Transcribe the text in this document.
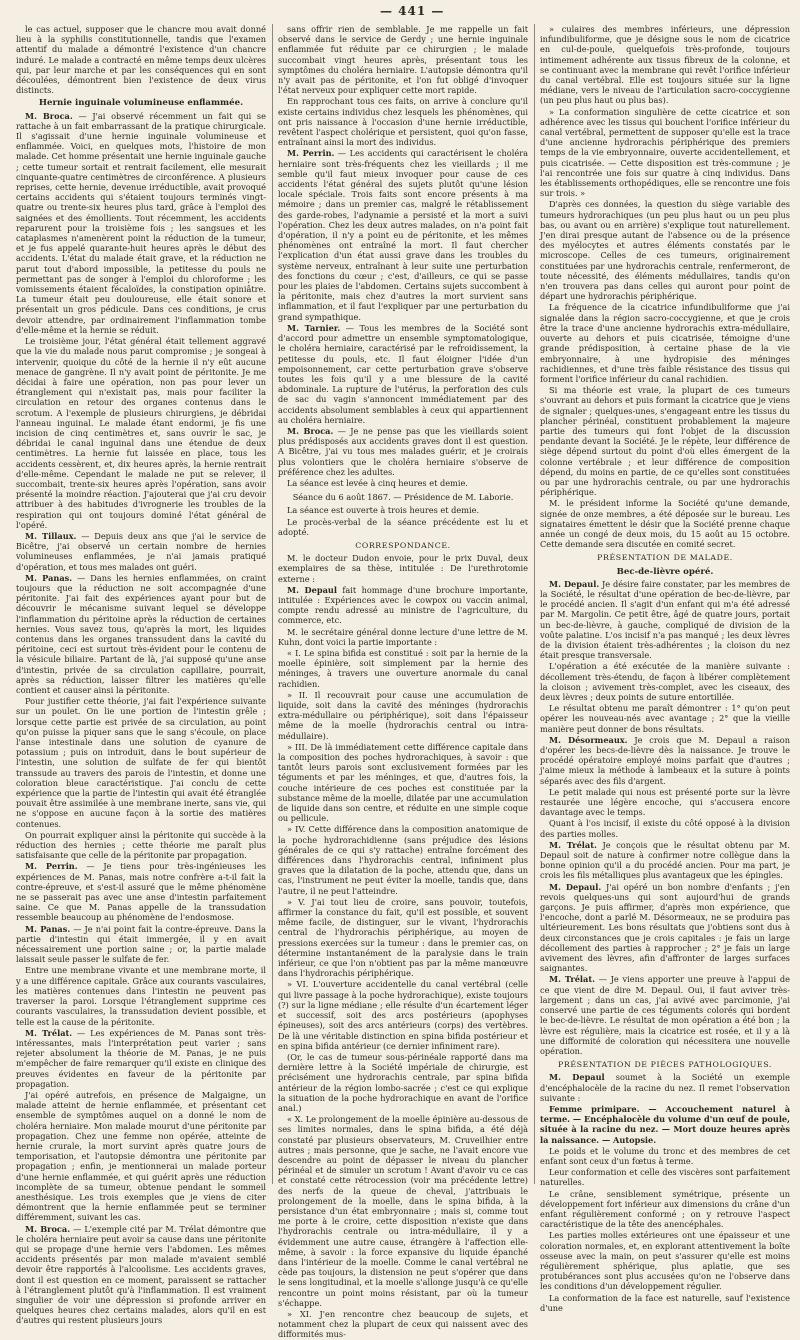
— 441 —

le cas actuel, supposer que le chancre mou avait donné lieu à la syphilis constitutionnelle, tandis que l'examen attentif du malade a démontré l'existence d'un chancre induré. Le malade a contracté en même temps deux ulcères qui, par leur marche et par les conséquences qui en sont découlées, démontrent bien l'existence de deux virus distincts.

Hernie inguinale volumineuse enflammée.

M. Broca. — J'ai observé récemment un fait qui se rattache à un fait embarrassant de la pratique chirurgicale. Il s'agissait d'une hernie inguinale volumineuse et enflammée. Voici, en quelques mots, l'histoire de mon malade. Cet homme présentait une hernie inguinale gauche ; cette tumeur sortait et rentrait facilement, elle mesurait cinquante-quatre centimètres de circonférence. A plusieurs reprises, cette hernie, devenue irréductible, avait provoqué certains accidents qui s'étaient toujours terminés vingt-quatre ou trente-six heures plus tard, grâce à l'emploi des saignées et des émollients. Tout récemment, les accidents reparurent pour la troisième fois ; les sangsues et les cataplasmes n'amenèrent point la réduction de la tumeur, et je fus appelé quarante-huit heures après le début des accidents. L'état du malade était grave, et la réduction ne parut tout d'abord impossible, la petitesse du pouls ne permettant pas de songer à l'emploi du chloroforme ; les vomissements étaient fécaloïdes, la constipation opiniâtre. La tumeur était peu douloureuse, elle était sonore et présentait un gros pédicule. Dans ces conditions, je crus devoir attendre, par ordinairement l'inflammation tombe d'elle-même et la hernie se réduit.

Le troisième jour, l'état général était tellement aggravé que la vie du malade nous parut compromise ; je songeai à intervenir, quoique du côté de la hernie il n'y eût aucune menace de gangrène. Il n'y avait point de péritonite. Je me décidai à faire une opération, non pas pour lever un étranglement qui n'existait pas, mais pour faciliter la circulation en retour des organes contenus dans le scrotum. A l'exemple de plusieurs chirurgiens, je débridai l'anneau inguinal. Le malade étant endormi, je fis une incision de cinq centimètres et, sans ouvrir le sac, je débridai le canal inguinal dans une étendue de deux centimètres. La hernie fut laissée en place, tous les accidents cessèrent, et, dix heures après, la hernie rentrait d'elle-même. Cependant le malade ne put se relever, il succombait, trente-six heures après l'opération, sans avoir présenté la moindre réaction. J'ajouterai que j'ai cru devoir attribuer à des habitudes d'ivrognerie les troubles de la respiration qui ont toujours dominé l'état général de l'opéré.

M. Tillaux. — Depuis deux ans que j'ai le service de Bicêtre, j'ai observé un certain nombre de hernies volumineuses enflammées, je n'ai jamais pratiqué d'opération, et tous mes malades ont guéri.

M. Panas. — Dans les hernies enflammées, on craint toujours que la réduction ne soit accompagnée d'une péritonite. J'ai fait des expériences ayant pour but de découvrir le mécanisme suivant lequel se développe l'inflammation du péritoine après la réduction de certaines hernies. Vous savez tous, qu'après la mort, les liquides contenus dans les organes transsudent dans la cavité du péritoine, ceci est surtout très-évident pour le contenu de la vésicule biliaire. Partant de là, j'ai supposé qu'une anse d'intestin, privée de sa circulation capillaire, pourrait, après sa réduction, laisser filtrer les matières qu'elle contient et causer ainsi la péritonite.

Pour justifier cette théorie, j'ai fait l'expérience suivante sur un poulet. On lie une portion de l'intestin grêle ; lorsque cette partie est privée de sa circulation, au point qu'on puisse la piquer sans que le sang s'écoule, on place l'anse intestinale dans une solution de cyanure de potassium ; puis on introduit, dans le bout supérieur de l'intestin, une solution de sulfate de fer qui bientôt transsude au travers des parois de l'intestin, et donne une coloration bleue caractéristique. J'ai conclu de cette expérience que la partie de l'intestin qui avait été étranglée pouvait être assimilée à une membrane inerte, sans vie, qui ne s'oppose en aucune façon à la sortie des matières contenues.

On pourrait expliquer ainsi la péritonite qui succède à la réduction des hernies ; cette théorie me paraît plus satisfaisante que celle de la péritonite par propagation.

M. Perrin. — Je tiens pour très-ingénieuses les expériences de M. Panas, mais notre confrère a-t-il fait la contre-épreuve, et s'est-il assuré que le même phénomène ne se passerait pas avec une anse d'intestin parfaitement saine. Ce que M. Panas appelle de la transsudation ressemble beaucoup au phénomène de l'endosmose.

M. Panas. — Je n'ai point fait la contre-épreuve. Dans la partie d'intestin qui était immergée, il y en avait nécessairement une portion saine ; or, la partie malade laissait seule passer le sulfate de fer.

Entre une membrane vivante et une membrane morte, il y a une différence capitale. Grâce aux courants vasculaires, les matières contenues dans l'intestin ne peuvent pas traverser la paroi. Lorsque l'étranglement supprime ces courants vasculaires, la transsudation devient possible, et telle est la cause de la péritonite.

M. Trélat. — Les expériences de M. Panas sont très-intéressantes, mais l'interprétation peut varier ; sans rejeter absolument la théorie de M. Panas, je ne puis m'empêcher de faire remarquer qu'il existe en clinique des preuves évidentes en faveur de la péritonite par propagation.

J'ai opéré autrefois, en présence de Malgaigne, un malade atteint de hernie enflammée, et présentant cet ensemble de symptômes auquel on a donné le nom de choléra herniaire. Mon malade mourut d'une péritonite par propagation. Chez une femme non opérée, atteinte de hernie crurale, la mort survint après quatre jours de temporisation, et l'autopsie démontra une péritonite par propagation ; enfin, je mentionnerai un malade porteur d'une hernie enflammée, et qui guérit après une réduction incomplète de sa tumeur, obtenue pendant le sommeil anesthésique. Les trois exemples que je viens de citer démontrent que la hernie enflammée peut se terminer différemment, suivant les cas.

M. Broca. — L'exemple cité par M. Trélat démontre que le choléra herniaire peut avoir sa cause dans une péritonite qui se propage d'une hernie vers l'abdomen. Les mêmes accidents présentés par mon malade m'avaient semblé devoir être rapportés à l'alcoolisme. Les accidents graves, dont il est question en ce moment, paraissent se rattacher à l'étranglement plutôt qu'à l'inflammation. Il est vraiment singulier de voir une dépression si profonde arriver en quelques heures chez certains malades, alors qu'il en est d'autres qui restent plusieurs jours

sans offrir rien de semblable. Je me rappelle un fait observé dans le service de Gerdy ; une hernie inguinale enflammée fut réduite par ce chirurgien ; le malade succombait vingt heures après, présentant tous les symptômes du choléra herniaire. L'autopsie démontra qu'il n'y avait pas de péritonite, et l'on fut obligé d'invoquer l'état nerveux pour expliquer cette mort rapide.

En rapprochant tous ces faits, on arrive à conclure qu'il existe certains individus chez lesquels les phénomènes, qui ont pris naissance à l'occasion d'une hernie irréductible, revêtent l'aspect cholérique et persistent, quoi qu'on fasse, entraînant ainsi la mort des individus.

M. Perrin. — Les accidents qui caractérisent le choléra herniaire sont très-fréquents chez les vieillards ; il me semble qu'il faut mieux invoquer pour cause de ces accidents l'état général des sujets plutôt qu'une lésion locale spéciale. Trois faits sont encore présents à ma mémoire ; dans un premier cas, malgré le rétablissement des garde-robes, l'adynamie a persisté et la mort a suivi l'opération. Chez les deux autres malades, on n'a point fait d'opération, il n'y a point eu de péritonite, et les mêmes phénomènes ont entraîné la mort. Il faut chercher l'explication d'un état aussi grave dans les troubles du système nerveux, entraînant à leur suite une perturbation des fonctions du cœur ; c'est, d'ailleurs, ce qui se passe pour les plaies de l'abdomen. Certains sujets succombent à la péritonite, mais chez d'autres la mort survient sans inflammation, et il faut l'expliquer par une perturbation du grand sympathique.

M. Tarnier. — Tous les membres de la Société sont d'accord pour admettre un ensemble symptomatologique, le choléra herniaire, caractérisé par le refroidissement, la petitesse du pouls, etc. Il faut éloigner l'idée d'un empoisonnement, car cette perturbation grave s'observe toutes les fois qu'il y a une blessure de la cavité abdominale. La rupture de l'utérus, la perforation des culs de sac du vagin s'annoncent immédiatement par des accidents absolument semblables à ceux qui appartiennent au choléra herniaire.

M. Broca. — Je ne pense pas que les vieillards soient plus prédisposés aux accidents graves dont il est question. A Bicêtre, j'ai vu tous mes malades guérir, et je croirais plus volontiers que le choléra herniaire s'observe de préférence chez les adultes.

La séance est levée à cinq heures et demie.

Séance du 6 août 1867. — Présidence de M. Laborie.

La séance est ouverte à trois heures et demie.

Le procès-verbal de la séance précédente est lu et adopté.

CORRESPONDANCE.

M. le docteur Dudon envoie, pour le prix Duval, deux exemplaires de sa thèse, intitulée : De l'urethrotomie externe :

M. Depaul fait hommage d'une brochure importante, intitulée : Expériences avec le cowpox ou vaccin animal, compte rendu adressé au ministre de l'agriculture, du commerce, etc.

M. le secrétaire général donne lecture d'une lettre de M. Kuhn, dont voici la partie importante :

« I. Le spina bifida est constitué : soit par la hernie de la moelle épinière, soit simplement par la hernie des méninges, à travers une ouverture anormale du canal rachidien.

» II. Il recouvrait pour cause une accumulation de liquide, soit dans la cavité des méninges (hydrorachis extra-médullaire ou périphérique), soit dans l'épaisseur même de la moelle (hydrorachis central ou intra-médullaire).

» III. De là immédiatement cette différence capitale dans la composition des poches hydrorachiques, à savoir : que tantôt leurs parois sont exclusivement formées par les téguments et par les méninges, et que, d'autres fois, la couche intérieure de ces poches est constituée par la substance même de la moelle, dilatée par une accumulation de liquide dans son centre, et réduite en une simple coque ou pellicule.

» IV. Cette différence dans la composition anatomique de la poche hydrorachidienne (sans préjudice des lésions générales de ce qui s'y rattache) entraîne forcément des différences dans l'hydrorachis central, infiniment plus graves que la dilatation de la poche, attendu que, dans un cas, l'instrument ne peut éviter la moelle, tandis que, dans l'autre, il ne peut l'atteindre.

» V. J'ai tout lieu de croire, sans pouvoir, toutefois, affirmer la constance du fait, qu'il est possible, et souvent même facile, de distinguer, sur le vivant, l'hydrorachis central de l'hydrorachis périphérique, au moyen de pressions exercées sur la tumeur : dans le premier cas, on détermine instantanément de la paralysie dans le train inférieur, ce que l'on n'obtient pas par la même manœuvre dans l'hydrorachis périphérique.

» VI. L'ouverture accidentelle du canal vertébral (celle qui livre passage à la poche hydrorachique), existe toujours (?) sur la ligne médiane ; elle résulte d'un écartement léger et successif, soit des arcs postérieurs (apophyses épineuses), soit des arcs antérieurs (corps) des vertèbres. De là une véritable distinction en spina bifida postérieur et en spina bifida antérieur (ce dernier infiniment rare).

(Or, le cas de tumeur sous-périnéale rapporté dans ma dernière lettre à la Société impériale de chirurgie, est précisément une hydrorachis centrale, par spina bifida antérieur de la région lombo-sacrée ; c'est ce qui explique la situation de la poche hydrorachique en avant de l'orifice anal.)

« X. Le prolongement de la moelle épinière au-dessous de ses limites normales, dans le spina bifida, a été déjà constaté par plusieurs observateurs, M. Cruveilhier entre autres ; mais personne, que je sache, ne l'avait encore vue descendre au point de dépasser le niveau du plancher périnéal et de simuler un scrotum ! Avant d'avoir vu ce cas et constaté cette rétrocession (voir ma précédente lettre) des nerfs de la queue de cheval, j'attribuais le prolongement de la moelle, dans le spina bifida, à la persistance d'un état embryonnaire ; mais si, comme tout me porte à le croire, cette disposition n'existe que dans l'hydrorachis centrale ou intra-médullaire, il y a évidemment une autre cause, étrangère à l'affection elle-même, à savoir : la force expansive du liquide épanché dans l'intérieur de la moelle. Comme le canal vertébral ne cède pas toujours, la distension ne peut s'opérer que dans le sens longitudinal, et la moelle s'allonge jusqu'à ce qu'elle rencontre un point moins résistant, par où la tumeur s'échappe.

» XI. J'en rencontre chez beaucoup de sujets, et notamment chez la plupart de ceux qui naissent avec des difformités mus-

» culaires des membres inférieurs, une dépression infundibuliforme, que je désigne sous le nom de cicatrice en cul-de-poule, quelquefois très-profonde, toujours intimement adhérente aux tissus fibreux de la colonne, et se continuant avec la membrane qui revêt l'orifice inférieur du canal vertébral. Elle est toujours située sur la ligne médiane, vers le niveau de l'articulation sacro-coccygienne (un peu plus haut ou plus bas).

» La conformation singulière de cette cicatrice et son adhérence avec les tissus qui bouchent l'orifice inférieur du canal vertébral, permettent de supposer qu'elle est la trace d'une ancienne hydrorachis périphérique des premiers temps de la vie embryonnaire, ouverte accidentellement, et puis cicatrisée. — Cette disposition est très-commune ; je l'ai rencontrée une fois sur quatre à cinq individus. Dans les établissements orthopédiques, elle se rencontre une fois sur trois. »

D'après ces données, la question du siège variable des tumeurs hydrorachiques (un peu plus haut ou un peu plus bas, ou avant ou en arrière) s'explique tout naturellement. J'en dirai presque autant de l'absence ou de la présence des myélocytes et autres éléments constatés par le microscope. Celles de ces tumeurs, originairement constituées par une hydrorachis centrale, renfermeront, de toute nécessité, des éléments médullaires, tandis qu'on n'en trouvera pas dans celles qui auront pour point de départ une hydrorachis périphérique.

La fréquence de la cicatrice infundibuliforme que j'ai signalée dans la région sacro-coccygienne, et que je crois être la trace d'une ancienne hydrorachis extra-médullaire, ouverte au dehors et puis cicatrisée, témoigne d'une grande prédisposition, à certaine phase de la vie embryonnaire, à une hydropisie des méninges rachidiennes, et d'une très faible résistance des tissus qui forment l'orifice inférieur du canal rachidien.

Si ma théorie est vraie, la plupart de ces tumeurs s'ouvrant au dehors et puis formant la cicatrice que je viens de signaler ; quelques-unes, s'engageant entre les tissus du plancher périnéal, constituent probablement la majeure partie des tumeurs qui font l'objet de la discussion pendante devant la Société. Je le répète, leur différence de siège dépend surtout du point d'où elles émergent de la colonne vertébrale ; et leur différence de composition dépend, du moins en partie, de ce qu'elles sont constituées ou par une hydrorachis centrale, ou par une hydrorachis périphérique.

M. le président informe la Société qu'une demande, signée de onze membres, a été déposée sur le bureau. Les signataires émettent le désir que la Société prenne chaque année un congé de deux mois, du 15 août au 15 octobre. Cette demande sera discutée en comité secret.

PRÉSENTATION DE MALADE.
Bec-de-lièvre opéré.

M. Depaul. Je désire faire constater, par les membres de la Société, le résultat d'une opération de bec-de-lièvre, par le procédé ancien. Il s'agit d'un enfant qui m'a été adressé par M. Margolin. Ce petit être, âgé de quatre jours, portait un bec-de-lièvre, à gauche, compliqué de division de la voûte palatine. L'os incisif n'a pas manqué ; les deux lèvres de la division étaient très-adhérentes ; la cloison du nez était presque transversale.

L'opération a été exécutée de la manière suivante : décollement très-étendu, de façon à libérer complètement la cloison ; avivement très-complet, avec les ciseaux, des deux lèvres ; deux points de suture entortillée.

Le résultat obtenu me paraît démontrer : 1° qu'on peut opérer les nouveau-nés avec avantage ; 2° que la vieille manière peut donner de bons résultats.

M. Désormeaux. Je crois que M. Depaul a raison d'opérer les becs-de-lièvre dès la naissance. Je trouve le procédé opératoire employé moins parfait que d'autres ; j'aime mieux la méthode à lambeaux et la suture à points séparés avec des fils d'argent.

Le petit malade qui nous est présenté porte sur la lèvre restaurée une légère encoche, qui s'accusera encore davantage avec le temps.

Quant à l'os incisif, il existe du côté opposé à la division des parties molles.

M. Trélat. Je conçois que le résultat obtenu par M. Depaul soit de nature à confirmer notre collègue dans la bonne opinion qu'il a du procédé ancien. Pour ma part, je crois les fils métalliques plus avantageux que les épingles.

M. Depaul. J'ai opéré un bon nombre d'enfants ; j'en revois quelques-uns qui sont aujourd'hui de grands garçons. Je puis affirmer, d'après mon expérience, que l'encoche, dont a parlé M. Désormeaux, ne se produira pas ultérieurement. Les bons résultats que j'obtiens sont dus à deux circonstances que je crois capitales : je fais un large décollement des parties à rapprocher ; 2° je fais un large avivement des lèvres, afin d'affronter de larges surfaces saignantes.

M. Trélat. — Je viens apporter une preuve à l'appui de ce que vient de dire M. Depaul. Oui, il faut aviver très-largement ; dans un cas, j'ai avivé avec parcimonie, j'ai conservé une partie de ces téguments colorés qui bordent le bec-de-lièvre. Le résultat de mon opération a été bon ; la lèvre est régulière, mais la cicatrice est rosée, et il y a là une difformité de coloration qui nécessitera une nouvelle opération.

PRÉSENTATION DE PIÈCES PATHOLOGIQUES.

M. Depaul soumet à la Société un exemple d'encéphalocèle de la racine du nez. Il remet l'observation suivante :

Femme primipare. — Accouchement naturel à terme. — Encéphalocèle du volume d'un œuf de poule, située à la racine du nez. — Mort douze heures après la naissance. — Autopsie.

Le poids et le volume du tronc et des membres de cet enfant sont ceux d'un fœtus à terme.

Leur conformation et celle des viscères sont parfaitement naturelles.

Le crâne, sensiblement symétrique, présente un développement fort inférieur aux dimensions du crâne d'un enfant régulièrement conformé ; on y retrouve l'aspect caractéristique de la tête des anencéphales.

Les parties molles extérieures ont une épaisseur et une coloration normales, et, en explorant attentivement la boîte osseuse avec la main, on peut s'assurer qu'elle est moins régulièrement sphérique, plus aplatie, que ses protubérances sont plus accusées qu'on ne l'observe dans les conditions d'un développement régulier.

La conformation de la face est naturelle, sauf l'existence d'une
